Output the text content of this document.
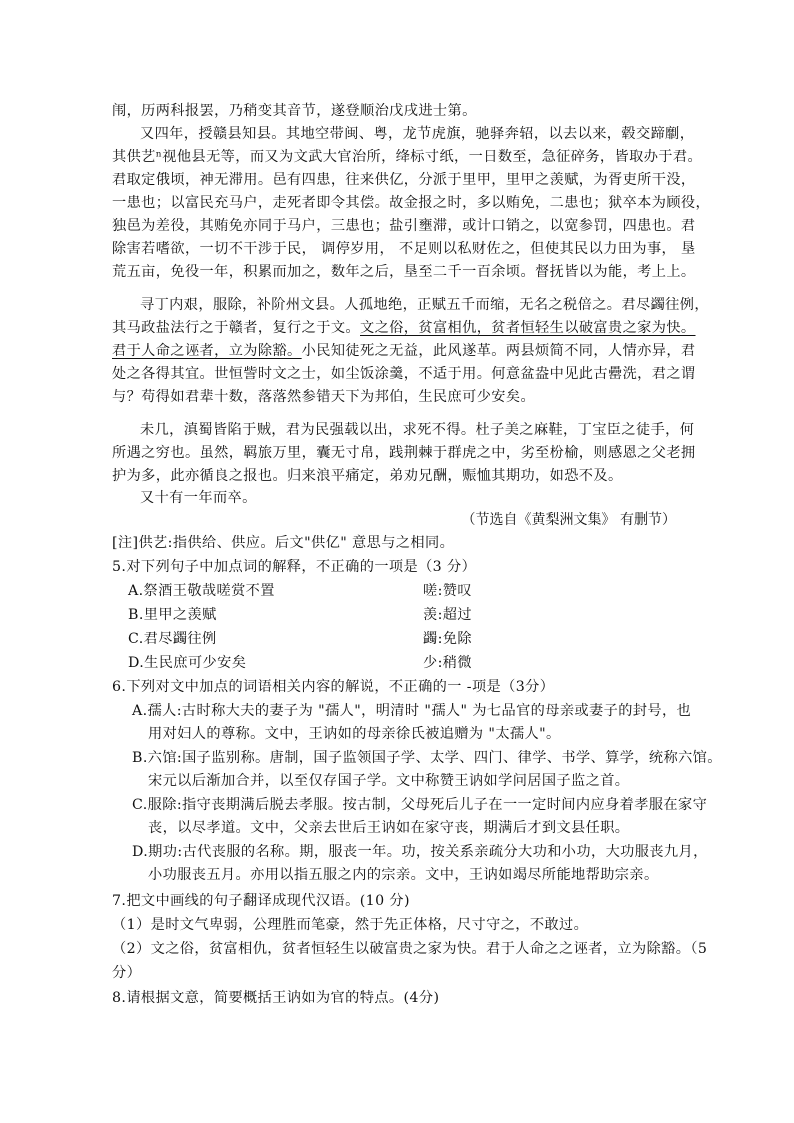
闱，历两科报罢，乃稍变其音节，遂登顺治戊戌进士第。
又四年，授赣县知县。其地空带闽、粤，龙节虎旗，驰驿奔轺，以去以来，毂交蹄劘，
其供艺ⁿ视他县无等，而又为文武大官治所，绛标寸纸，一日数至，急征碎务，皆取办于君。
君取定俄顷，神无滞用。邑有四患，往来供亿，分派于里甲，里甲之羡赋，为胥吏所干没，
一患也；以富民充马户，走死者即令其偿。故金报之时，多以贿免，二患也；狱卒本为顾役，
独邑为差役，其贿免亦同于马户，三患也；盐引壅滞，或计口销之，以宽参罚，四患也。君
除害若嗜欲，一切不干涉于民， 调停岁用， 不足则以私财佐之，但使其民以力田为事， 垦
荒五亩，免役一年，积累而加之，数年之后，垦至二千一百余顷。督抚皆以为能，考上上。
寻丁内艰，服除，补阶州文县。人孤地绝，正赋五千而缩，无名之税倍之。君尽蠲往例，
其马政盐法行之于赣者，复行之于文。文之俗，贫富相仇，贫者恒轻生以破富贵之家为快。
君于人命之诬者，立为除豁。小民知徒死之无益，此风遂革。两县烦简不同，人情亦异，君
处之各得其宜。世恒訾时文之士，如尘饭涂羹，不适于用。何意盆盎中见此古罍洗，君之谓
与？苟得如君辈十数，落落然参错天下为邦伯，生民庶可少安矣。
未几，滇蜀皆陷于贼，君为民强载以出，求死不得。杜子美之麻鞋，丁宝臣之徒手，何
所遇之穷也。虽然，羁旅万里，囊无寸帛，践荆棘于群虎之中，劣至枌榆，则感恩之父老拥
护为多，此亦循良之报也。归来浪平痛定，弟劝兄酬，赈恤其期功，如恐不及。
又十有一年而卒。
（节选自《黄梨洲文集》 有删节）
[注]供艺:指供给、供应。后文"供亿" 意思与之相同。
5.对下列句子中加点词的解释，不正确的一项是（3 分）
A.祭酒王敬哉嗟赏不置	嗟:赞叹
B.里甲之羡赋	羡:超过
C.君尽蠲往例	蠲:免除
D.生民庶可少安矣	少:稍微
6.下列对文中加点的词语相关内容的解说，不正确的一 -项是（3分）
A.孺人:古时称大夫的妻子为 "孺人"，明清时 "孺人" 为七品官的母亲或妻子的封号，也
用对妇人的尊称。文中，王讷如的母亲徐氏被追赠为 "太孺人"。
B.六馆:国子监别称。唐制，国子监领国子学、太学、四门、律学、书学、算学，统称六馆。
宋元以后渐加合并，以至仅存国子学。文中称赞王讷如学问居国子监之首。
C.服除:指守丧期满后脱去孝服。按古制，父母死后儿子在一一定时间内应身着孝服在家守
丧，以尽孝道。文中，父亲去世后王讷如在家守丧，期满后才到文县任职。
D.期功:古代丧服的名称。期，服丧一年。功，按关系亲疏分大功和小功，大功服丧九月，
小功服丧五月。亦用以指五服之内的宗亲。文中，王讷如竭尽所能地帮助宗亲。
7.把文中画线的句子翻译成现代汉语。(10 分)
（1）是时文气卑弱，公理胜而笔豪，然于先正体格，尺寸守之，不敢过。
（2）文之俗，贫富相仇，贫者恒轻生以破富贵之家为快。君于人命之之诬者，立为除豁。（5
分）
8.请根据文意，简要概括王讷如为官的特点。(4分)
